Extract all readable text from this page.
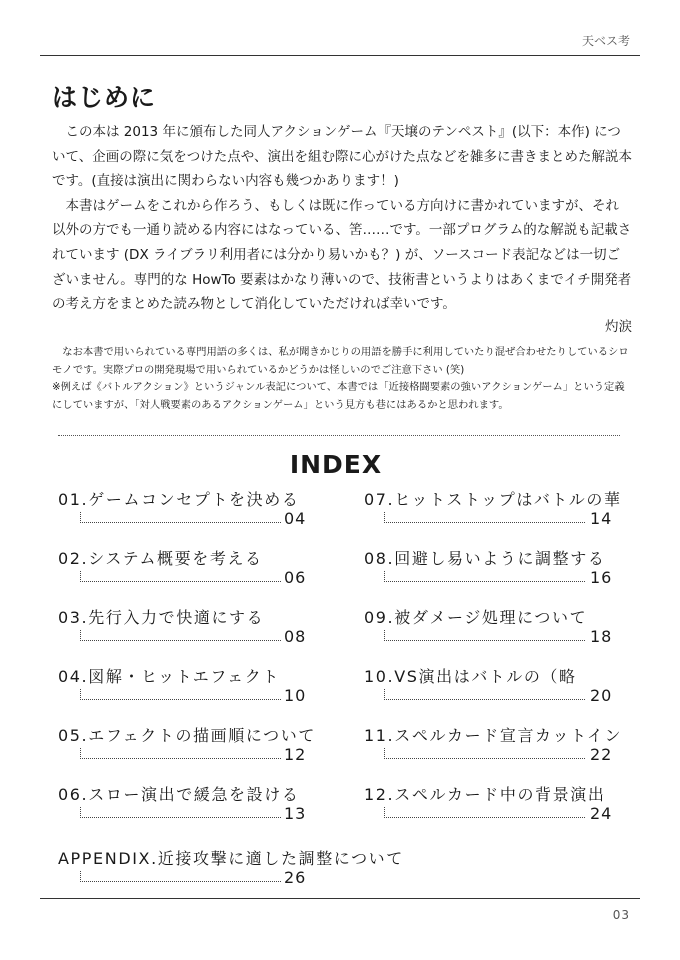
天ベス考
はじめに

この本は 2013 年に頒布した同人アクションゲーム『天壌のテンペスト』(以下：本作) について、企画の際に気をつけた点や、演出を組む際に心がけた点などを雑多に書きまとめた解説本です。(直接は演出に関わらない内容も幾つかあります！)

本書はゲームをこれから作ろう、もしくは既に作っている方向けに書かれていますが、それ以外の方でも一通り読める内容にはなっている、筈……です。一部プログラム的な解説も記載されています (DX ライブラリ利用者には分かり易いかも？) が、ソースコード表記などは一切ございません。専門的な HowTo 要素はかなり薄いので、技術書というよりはあくまでイチ開発者の考え方をまとめた読み物として消化していただければ幸いです。

灼涙

なお本書で用いられている専門用語の多くは、私が聞きかじりの用語を勝手に利用していたり混ぜ合わせたりしているシロモノです。実際プロの開発現場で用いられているかどうかは怪しいのでご注意下さい (笑)

※例えば《バトルアクション》というジャンル表記について、本書では「近接格闘要素の強いアクションゲーム」という定義にしていますが、「対人戦要素のあるアクションゲーム」という見方も巷にはあるかと思われます。

INDEX
01.ゲームコンセプトを決める
04
02.システム概要を考える
06
03.先行入力で快適にする
08
04.図解・ヒットエフェクト
10
05.エフェクトの描画順について
12
06.スロー演出で緩急を設ける
13
07.ヒットストップはバトルの華
14
08.回避し易いように調整する
16
09.被ダメージ処理について
18
10.VS演出はバトルの（略
20
11.スペルカード宣言カットイン
22
12.スペルカード中の背景演出
24
APPENDIX.近接攻撃に適した調整について
26
03
